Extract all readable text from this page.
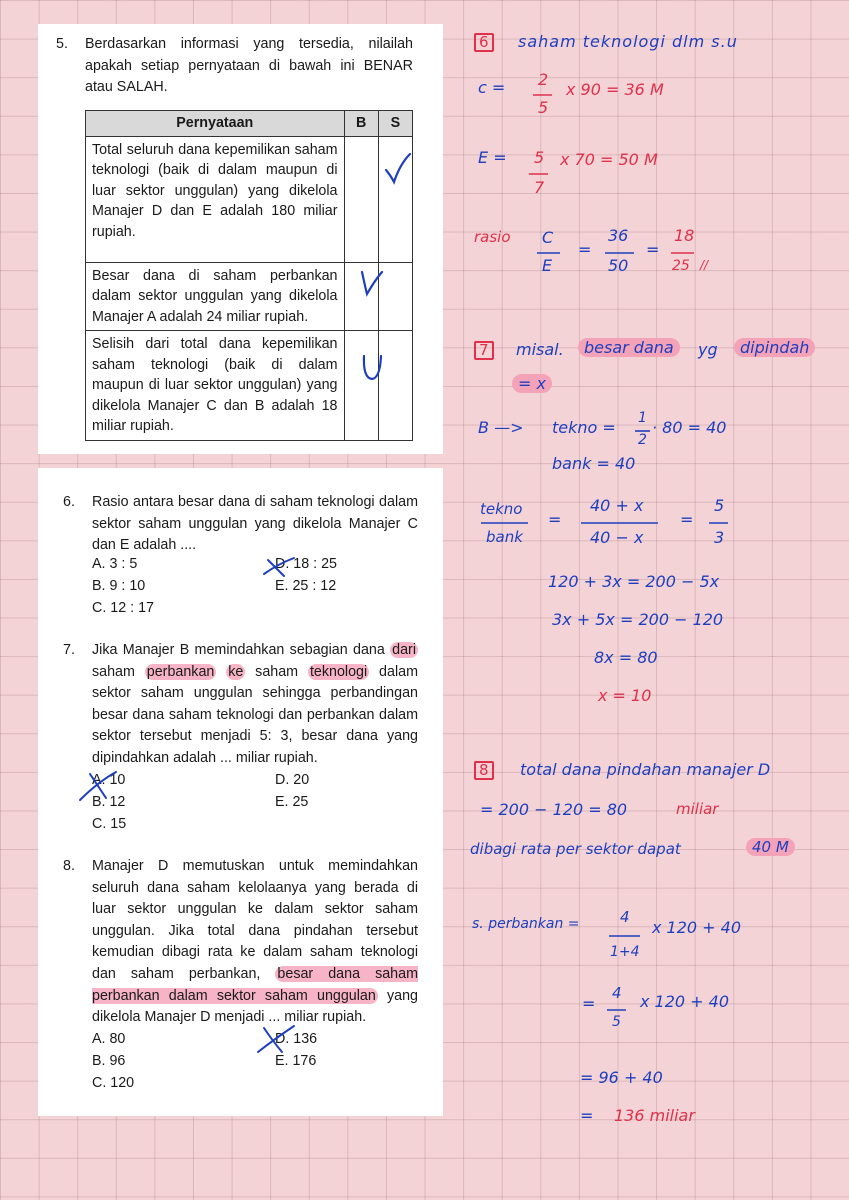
5. Berdasarkan informasi yang tersedia, nilailah apakah setiap pernyataan di bawah ini BENAR atau SALAH.
Pernyataan	B	S
Total seluruh dana kepemilikan saham teknologi (baik di dalam maupun di luar sektor unggulan) yang dikelola Manajer D dan E adalah 180 miliar rupiah.		
Besar dana di saham perbankan dalam sektor unggulan yang dikelola Manajer A adalah 24 miliar rupiah.		
Selisih dari total dana kepemilikan saham teknologi (baik di dalam maupun di luar sektor unggulan) yang dikelola Manajer C dan B adalah 18 miliar rupiah.		
6. Rasio antara besar dana di saham teknologi dalam sektor saham unggulan yang dikelola Manajer C dan E adalah ....
A. 3 : 5
B. 9 : 10
C. 12 : 17
D. 18 : 25
E. 25 : 12
7. Jika Manajer B memindahkan sebagian dana dari saham perbankan ke saham teknologi dalam sektor saham unggulan sehingga perbandingan besar dana saham teknologi dan perbankan dalam sektor tersebut menjadi 5: 3, besar dana yang dipindahkan adalah ... miliar rupiah.
A. 10
B. 12
C. 15
D. 20
E. 25
8. Manajer D memutuskan untuk memindahkan seluruh dana saham kelolaanya yang berada di luar sektor unggulan ke dalam sektor saham unggulan. Jika total dana pindahan tersebut kemudian dibagi rata ke dalam saham teknologi dan saham perbankan, besar dana saham perbankan dalam sektor saham unggulan yang dikelola Manajer D menjadi ... miliar rupiah.
A. 80
B. 96
C. 120
D. 136
E. 176
6	saham teknologi dlm s.u
c = 2
5
x 90 = 36 M
E = 5
7
x 70 = 50 M
rasio C
E
=
36
50
=
18
25 //
7	misal.	besar dana	yg	dipindah
= x
B —> tekno = 1
2
· 80 = 40
bank = 40
tekno
bank
=
40 + x
40 − x
=
5
3
120 + 3x = 200 − 5x
3x + 5x = 200 − 120
8x = 80
x = 10
8	total dana pindahan manajer D
= 200 − 120 = 80	miliar
dibagi rata per sektor dapat	40 M
s. perbankan =	4
1+4
x 120 + 40
=
4
5
x 120 + 40
= 96 + 40
= 136 miliar
